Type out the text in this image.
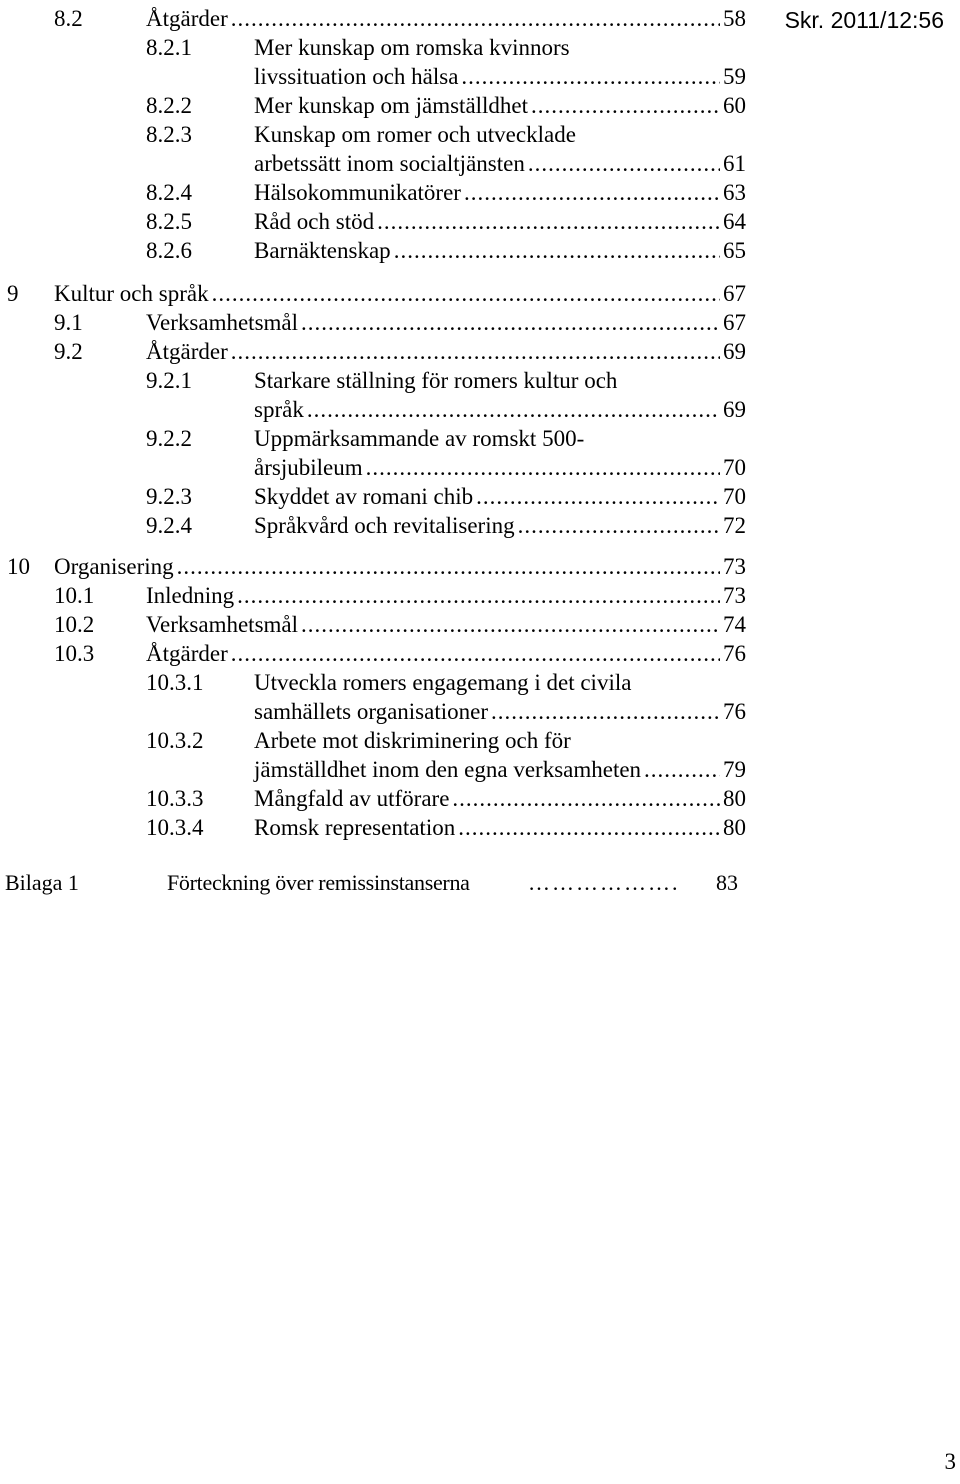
Skr. 2011/12:56
8.2	Åtgärder .....	58
8.2.1	Mer kunskap om romska kvinnors
livssituation och hälsa .....	59
8.2.2	Mer kunskap om jämställdhet .....	60
8.2.3	Kunskap om romer och utvecklade
arbetssätt inom socialtjänsten .....	61
8.2.4	Hälsokommunikatörer .....	63
8.2.5	Råd och stöd .....	64
8.2.6	Barnäktenskap .....	65
9 Kultur och språk .....	67
9.1	Verksamhetsmål .....	67
9.2	Åtgärder .....	69
9.2.1	Starkare ställning för romers kultur och
språk .....	69
9.2.2	Uppmärksammande av romskt 500-
årsjubileum .....	70
9.2.3	Skyddet av romani chib .....	70
9.2.4	Språkvård och revitalisering .....	72
10 Organisering .....	73
10.1 Inledning .....	73
10.2 Verksamhetsmål .....	74
10.3 Åtgärder .....	76
10.3.1 Utveckla romers engagemang i det civila
samhällets organisationer .....	76
10.3.2 Arbete mot diskriminering och för
jämställdhet inom den egna verksamheten .....	79
10.3.3 Mångfald av utförare .....	80
10.3.4 Romsk representation .....	80
Bilaga 1	Förteckning över remissinstanserna	……………….	83
3
